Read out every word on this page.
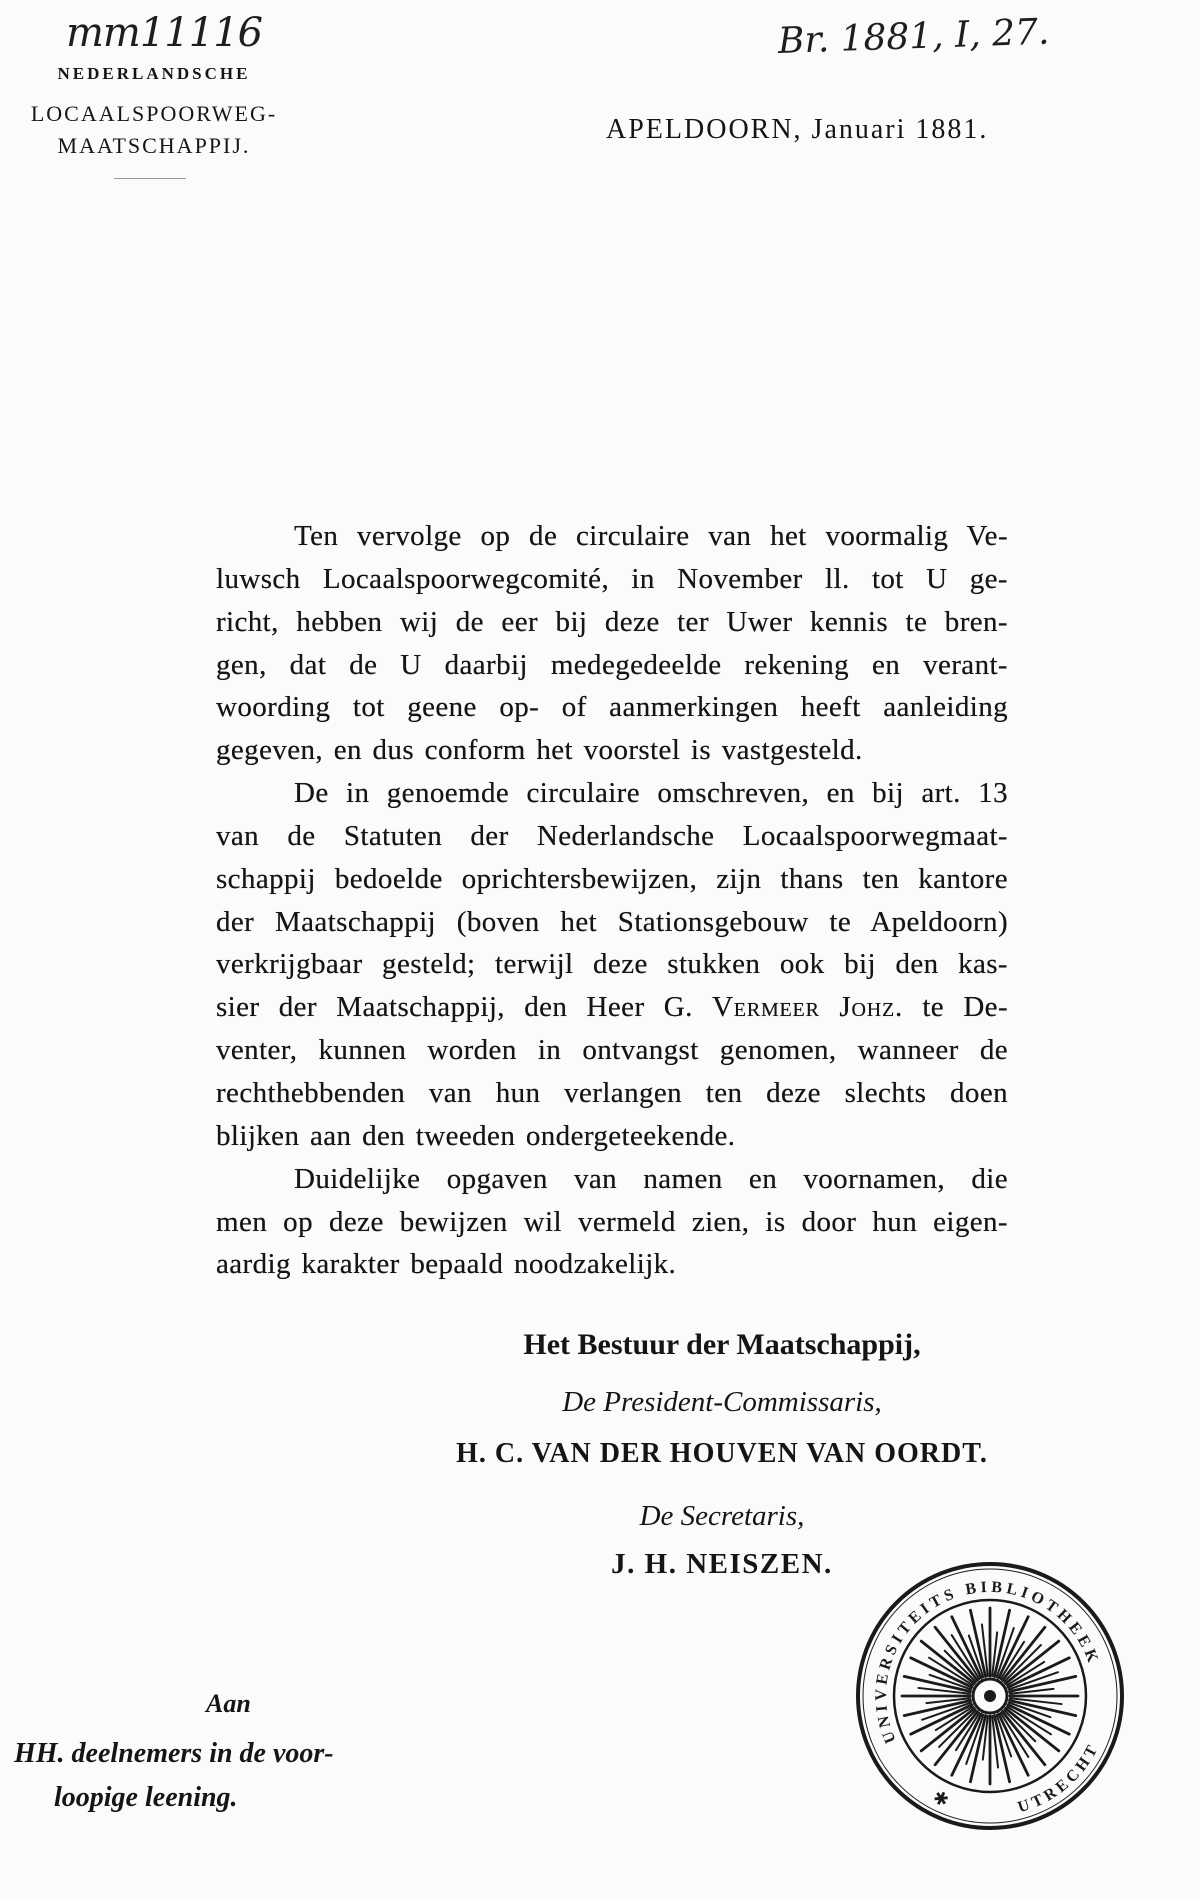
mm11116	Br. 1881, I, 27.
NEDERLANDSCHE
LOCAALSPOORWEG-
MAATSCHAPPIJ.
APELDOORN, Januari 1881.
Ten vervolge op de circulaire van het voormalig Ve-
luwsch Locaalspoorwegcomité, in November ll. tot U ge-
richt, hebben wij de eer bij deze ter Uwer kennis te bren-
gen, dat de U daarbij medegedeelde rekening en verant-
woording tot geene op- of aanmerkingen heeft aanleiding
gegeven, en dus conform het voorstel is vastgesteld.
De in genoemde circulaire omschreven, en bij art. 13
van de Statuten der Nederlandsche Locaalspoorwegmaat-
schappij bedoelde oprichtersbewijzen, zijn thans ten kantore
der Maatschappij (boven het Stationsgebouw te Apeldoorn)
verkrijgbaar gesteld; terwijl deze stukken ook bij den kas-
sier der Maatschappij, den Heer G. Vermeer Johz. te De-
venter, kunnen worden in ontvangst genomen, wanneer de
rechthebbenden van hun verlangen ten deze slechts doen
blijken aan den tweeden ondergeteekende.
Duidelijke opgaven van namen en voornamen, die
men op deze bewijzen wil vermeld zien, is door hun eigen-
aardig karakter bepaald noodzakelijk.
Het Bestuur der Maatschappij,
De President-Commissaris,
H. C. VAN DER HOUVEN VAN OORDT.
De Secretaris,
J. H. NEISZEN.
Aan
HH. deelnemers in de voor-
loopige leening.
UNIVERSITEITS BIBLIOTHEEK
UTRECHT
✱
